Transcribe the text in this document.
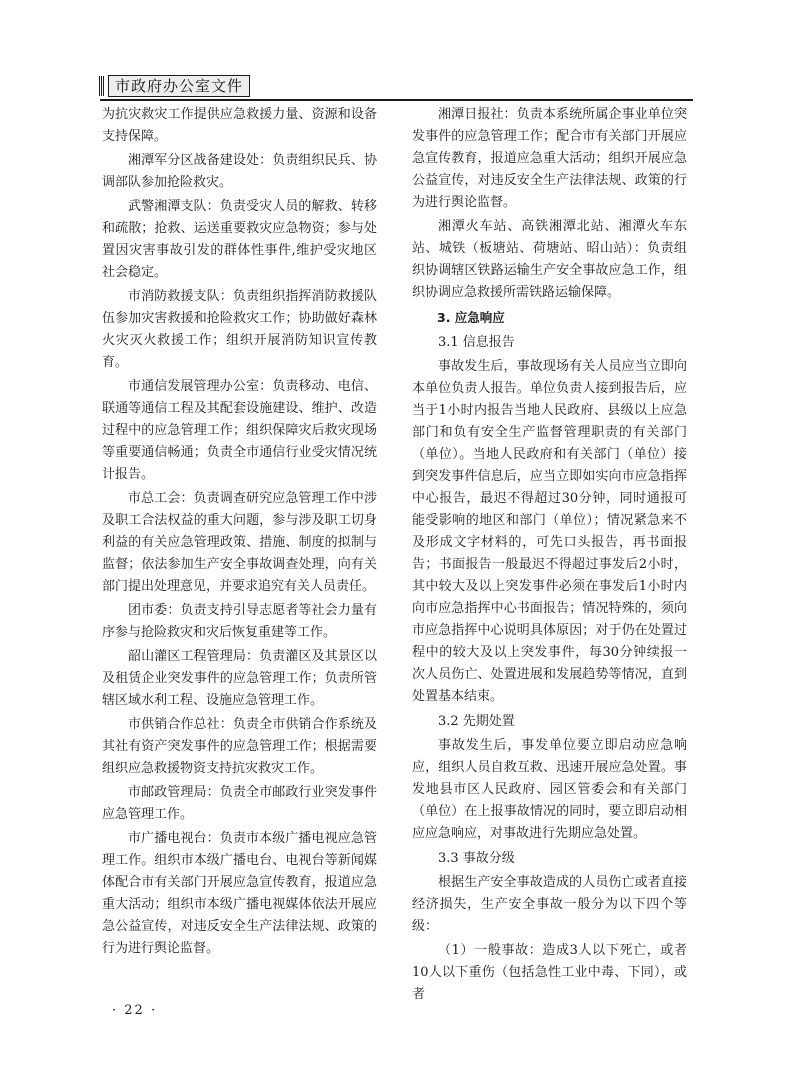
市政府办公室文件

为抗灾救灾工作提供应急救援力量、资源和设备支持保障。

湘潭军分区战备建设处：负责组织民兵、协调部队参加抢险救灾。

武警湘潭支队：负责受灾人员的解救、转移和疏散；抢救、运送重要救灾应急物资；参与处置因灾害事故引发的群体性事件,维护受灾地区社会稳定。

市消防救援支队：负责组织指挥消防救援队伍参加灾害救援和抢险救灾工作；协助做好森林火灾灭火救援工作；组织开展消防知识宣传教育。

市通信发展管理办公室：负责移动、电信、联通等通信工程及其配套设施建设、维护、改造过程中的应急管理工作；组织保障灾后救灾现场等重要通信畅通；负责全市通信行业受灾情况统计报告。

市总工会：负责调查研究应急管理工作中涉及职工合法权益的重大问题，参与涉及职工切身利益的有关应急管理政策、措施、制度的拟制与监督；依法参加生产安全事故调查处理，向有关部门提出处理意见，并要求追究有关人员责任。

团市委：负责支持引导志愿者等社会力量有序参与抢险救灾和灾后恢复重建等工作。

韶山灌区工程管理局：负责灌区及其景区以及租赁企业突发事件的应急管理工作；负责所管辖区域水利工程、设施应急管理工作。

市供销合作总社：负责全市供销合作系统及其社有资产突发事件的应急管理工作；根据需要组织应急救援物资支持抗灾救灾工作。

市邮政管理局：负责全市邮政行业突发事件应急管理工作。

市广播电视台：负责市本级广播电视应急管理工作。组织市本级广播电台、电视台等新闻媒体配合市有关部门开展应急宣传教育，报道应急重大活动；组织市本级广播电视媒体依法开展应急公益宣传，对违反安全生产法律法规、政策的行为进行舆论监督。

湘潭日报社：负责本系统所属企事业单位突发事件的应急管理工作；配合市有关部门开展应急宣传教育，报道应急重大活动；组织开展应急公益宣传，对违反安全生产法律法规、政策的行为进行舆论监督。

湘潭火车站、高铁湘潭北站、湘潭火车东站、城铁（板塘站、荷塘站、昭山站）：负责组织协调辖区铁路运输生产安全事故应急工作，组织协调应急救援所需铁路运输保障。

3. 应急响应

3.1 信息报告

事故发生后，事故现场有关人员应当立即向本单位负责人报告。单位负责人接到报告后，应当于1小时内报告当地人民政府、县级以上应急部门和负有安全生产监督管理职责的有关部门（单位）。当地人民政府和有关部门（单位）接到突发事件信息后，应当立即如实向市应急指挥中心报告，最迟不得超过30分钟，同时通报可能受影响的地区和部门（单位）；情况紧急来不及形成文字材料的，可先口头报告，再书面报告；书面报告一般最迟不得超过事发后2小时，其中较大及以上突发事件必须在事发后1小时内向市应急指挥中心书面报告；情况特殊的，须向市应急指挥中心说明具体原因；对于仍在处置过程中的较大及以上突发事件，每30分钟续报一次人员伤亡、处置进展和发展趋势等情况，直到处置基本结束。

3.2 先期处置

事故发生后，事发单位要立即启动应急响应，组织人员自救互救、迅速开展应急处置。事发地县市区人民政府、园区管委会和有关部门（单位）在上报事故情况的同时，要立即启动相应应急响应，对事故进行先期应急处置。

3.3 事故分级

根据生产安全事故造成的人员伤亡或者直接经济损失，生产安全事故一般分为以下四个等级：

（1）一般事故：造成3人以下死亡，或者10人以下重伤（包括急性工业中毒、下同），或者

· 22 ·
